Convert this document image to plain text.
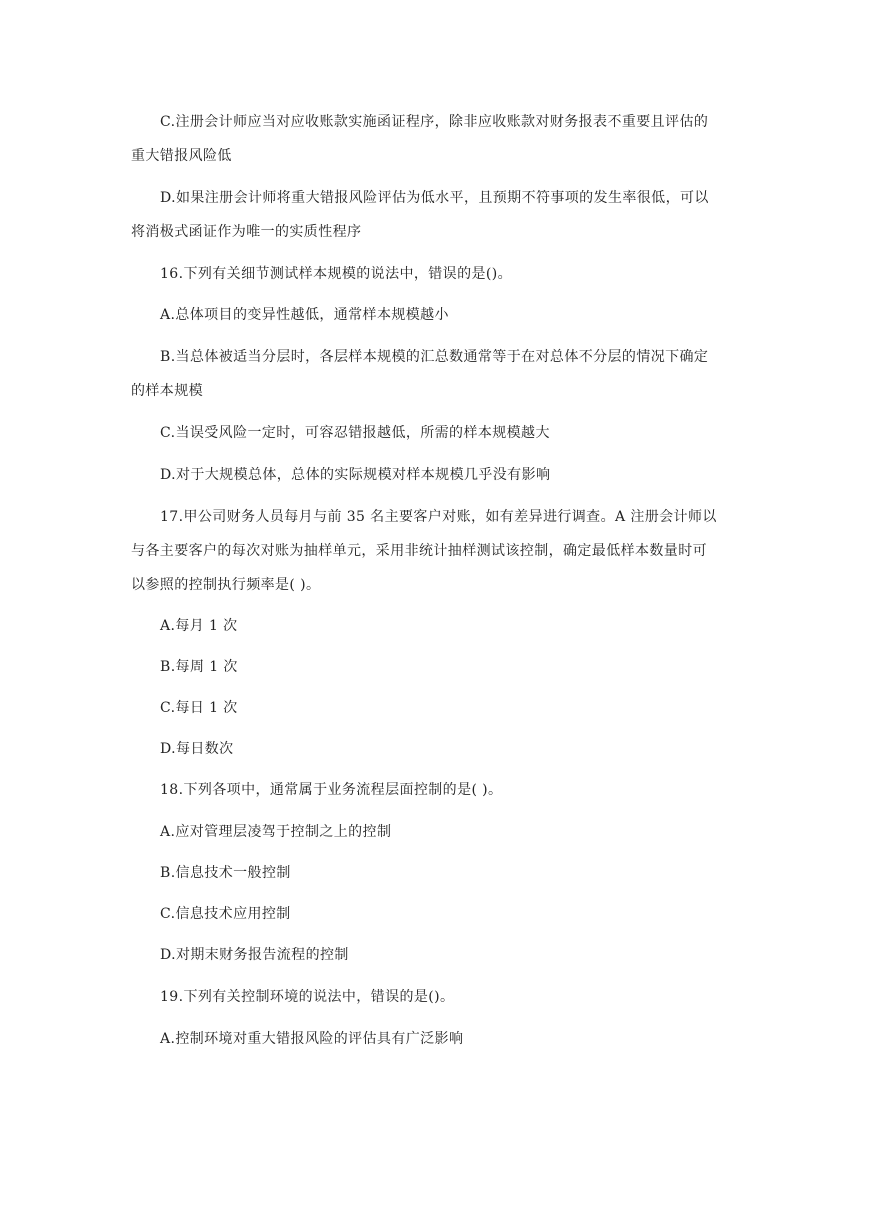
C.注册会计师应当对应收账款实施函证程序，除非应收账款对财务报表不重要且评估的
重大错报风险低
D.如果注册会计师将重大错报风险评估为低水平，且预期不符事项的发生率很低，可以
将消极式函证作为唯一的实质性程序
16.下列有关细节测试样本规模的说法中，错误的是()。
A.总体项目的变异性越低，通常样本规模越小
B.当总体被适当分层时，各层样本规模的汇总数通常等于在对总体不分层的情况下确定
的样本规模
C.当误受风险一定时，可容忍错报越低，所需的样本规模越大
D.对于大规模总体，总体的实际规模对样本规模几乎没有影响
17.甲公司财务人员每月与前 35 名主要客户对账，如有差异进行调查。A 注册会计师以
与各主要客户的每次对账为抽样单元，采用非统计抽样测试该控制，确定最低样本数量时可
以参照的控制执行频率是( )。
A.每月 1 次
B.每周 1 次
C.每日 1 次
D.每日数次
18.下列各项中，通常属于业务流程层面控制的是( )。
A.应对管理层凌驾于控制之上的控制
B.信息技术一般控制
C.信息技术应用控制
D.对期末财务报告流程的控制
19.下列有关控制环境的说法中，错误的是()。
A.控制环境对重大错报风险的评估具有广泛影响
